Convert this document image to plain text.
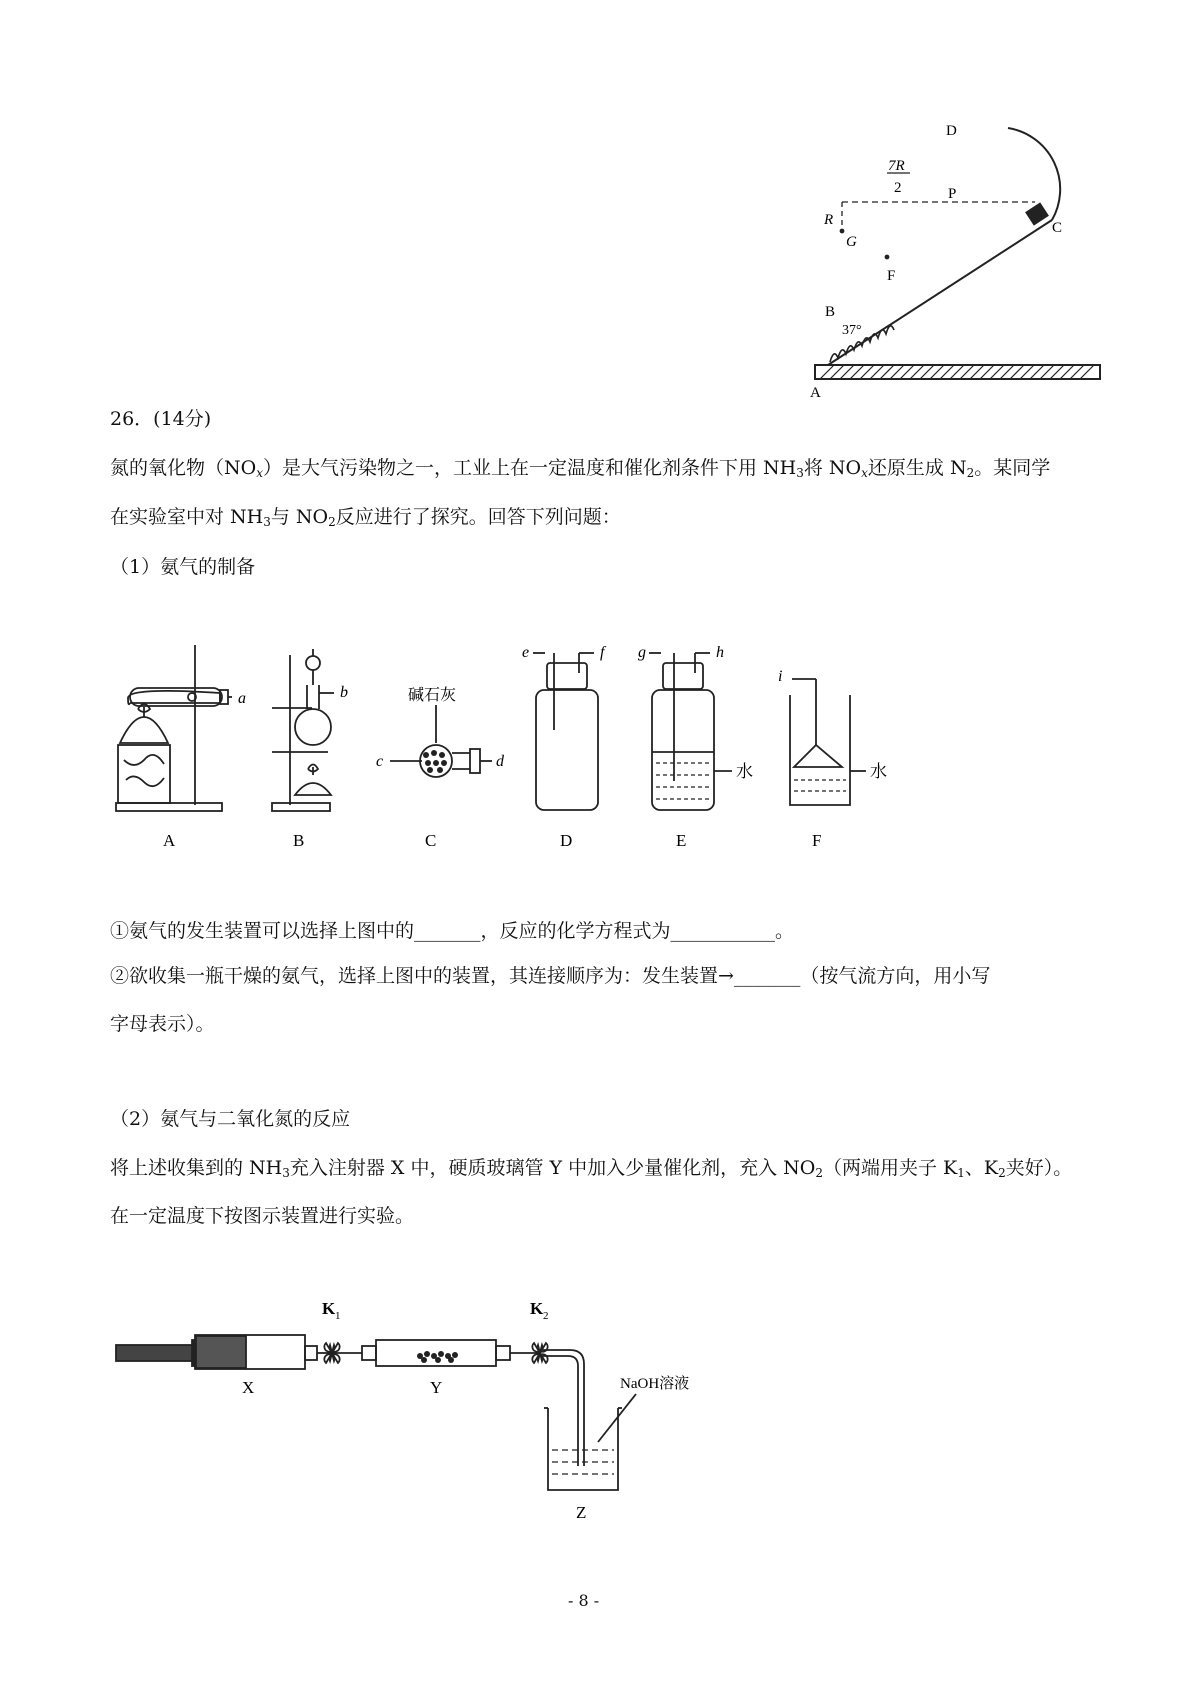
D
7R
2	P
C
R
G
F
B
37°
A
26．(14分)
氮的氧化物$(NO_x)$是大气污染物之一，工业上在一定温度和催化剂条件下用 $NH_3$将 $NO_x$还原生成 $N_2$。某同学
在实验室中对 $NH_3$与 $NO_2$反应进行了探究。回答下列问题：
（1）氨气的制备
a	b	碱石灰
c	d
e	f g	h
i
水	水
A	B	C	D	E	F
①氨气的发生装置可以选择上图中的_______，反应的化学方程式为___________。
②欲收集一瓶干燥的氨气，选择上图中的装置，其连接顺序为：发生装置→_______（按气流方向，用小写
字母表示）。
（2）氨气与二氧化氮的反应
将上述收集到的 $NH_3$充入注射器 X 中，硬质玻璃管 Y 中加入少量催化剂，充入 $NO_2$（两端用夹子 $K_1$、$K_2$夹好）。
在一定温度下按图示装置进行实验。
K 1	K 2
X	Y
Z
NaOH溶液
- 8 -
